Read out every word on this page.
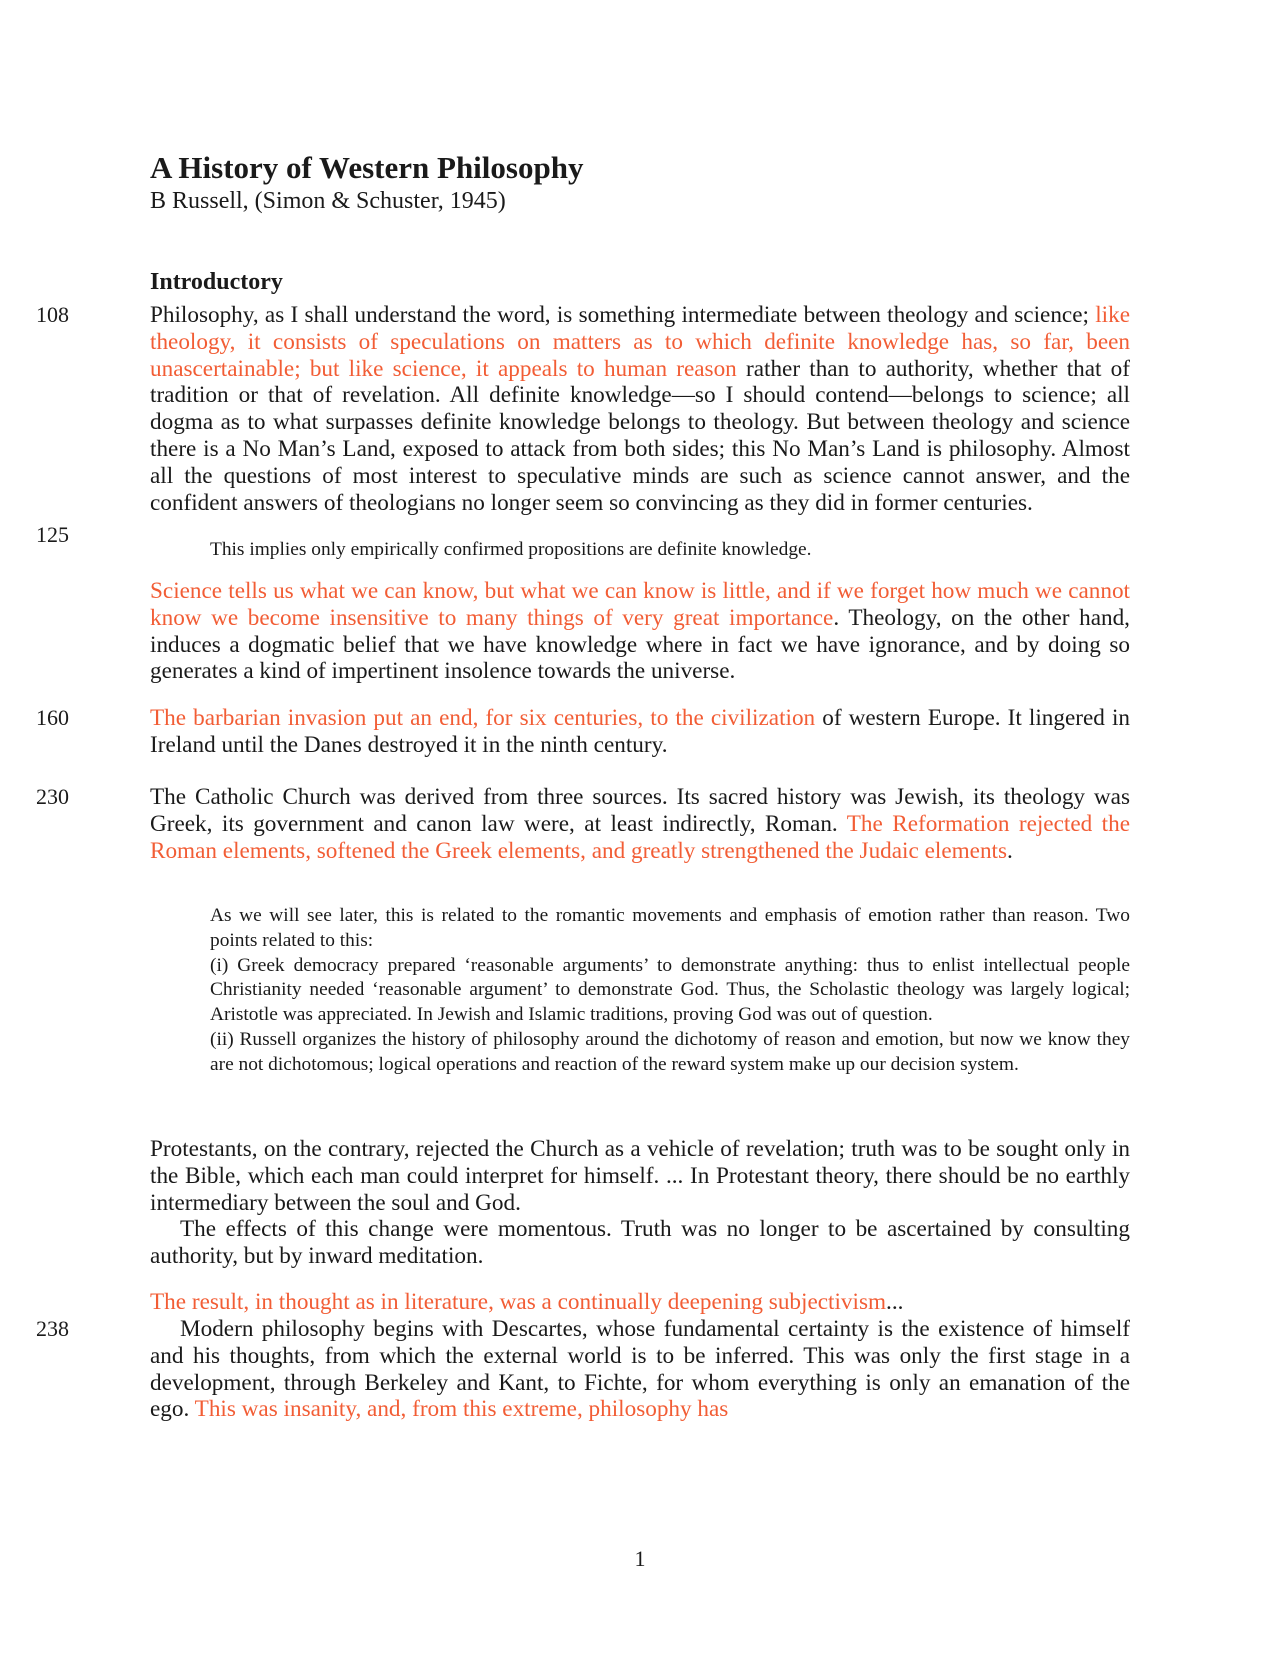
A History of Western Philosophy
B Russell, (Simon & Schuster, 1945)
Introductory
108	Philosophy, as I shall understand the word, is something intermediate between theology and science; like theology, it consists of speculations on matters as to which definite knowledge has, so far, been unascertainable; but like science, it appeals to human reason rather than to authority, whether that of tradition or that of revelation. All definite knowledge—so I should contend—belongs to science; all dogma as to what surpasses definite knowledge belongs to theology. But between theology and science there is a No Man’s Land, exposed to attack from both sides; this No Man’s Land is philosophy. Almost all the questions of most interest to speculative minds are such as science cannot answer, and the confident answers of theologians no longer seem so convincing as they did in former centuries.

125

This implies only empirically confirmed propositions are definite knowledge.

Science tells us what we can know, but what we can know is little, and if we forget how much we cannot know we become insensitive to many things of very great importance. Theology, on the other hand, induces a dogmatic belief that we have knowledge where in fact we have ignorance, and by doing so generates a kind of impertinent insolence towards the universe.

160	The barbarian invasion put an end, for six centuries, to the civilization of western Europe. It lingered in Ireland until the Danes destroyed it in the ninth century.

230	The Catholic Church was derived from three sources. Its sacred history was Jewish, its theology was Greek, its government and canon law were, at least indirectly, Roman. The Reformation rejected the Roman elements, softened the Greek elements, and greatly strengthened the Judaic elements.

As we will see later, this is related to the romantic movements and emphasis of emotion rather than reason. Two points related to this:
(i) Greek democracy prepared ‘reasonable arguments’ to demonstrate anything: thus to enlist intellectual people Christianity needed ‘reasonable argument’ to demonstrate God. Thus, the Scholastic theology was largely logical; Aristotle was appreciated. In Jewish and Islamic traditions, proving God was out of question.
(ii) Russell organizes the history of philosophy around the dichotomy of reason and emotion, but now we know they are not dichotomous; logical operations and reaction of the reward system make up our decision system.
Protestants, on the contrary, rejected the Church as a vehicle of revelation; truth was to be sought only in the Bible, which each man could interpret for himself. ... In Protestant theory, there should be no earthly intermediary between the soul and God.
The effects of this change were momentous. Truth was no longer to be ascertained by consulting authority, but by inward meditation.

The result, in thought as in literature, was a continually deepening subjectivism...

238	Modern philosophy begins with Descartes, whose fundamental certainty is the existence of himself and his thoughts, from which the external world is to be inferred. This was only the first stage in a development, through Berkeley and Kant, to Fichte, for whom everything is only an emanation of the ego. This was insanity, and, from this extreme, philosophy has

1
